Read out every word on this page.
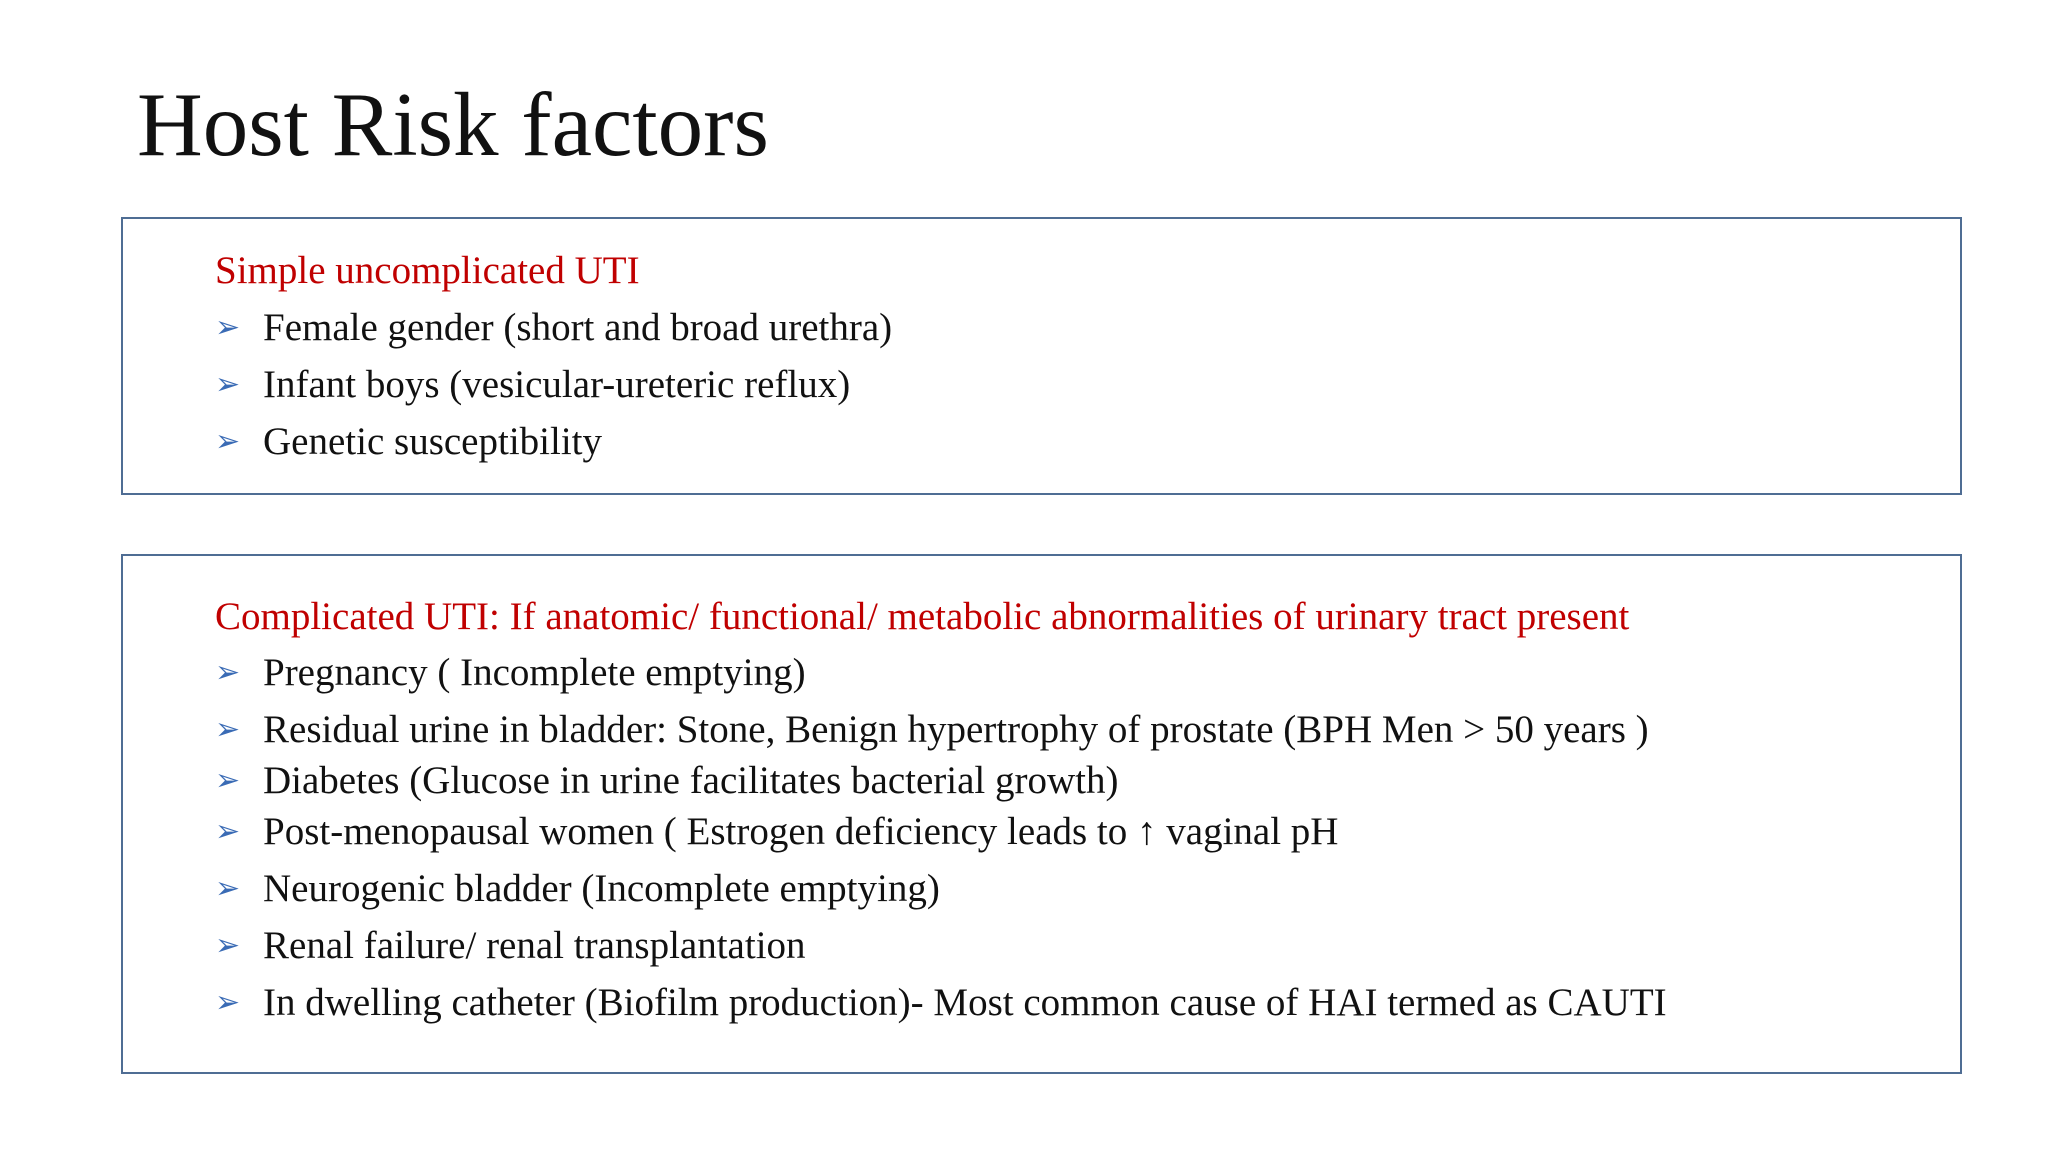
Host Risk factors
Simple uncomplicated UTI
➢ Female gender (short and broad urethra)
➢ Infant boys (vesicular-ureteric reflux)
➢ Genetic susceptibility
Complicated UTI: If anatomic/ functional/ metabolic abnormalities of urinary tract present
➢ Pregnancy ( Incomplete emptying)
➢ Residual urine in bladder: Stone, Benign hypertrophy of prostate (BPH Men > 50 years )
➢ Diabetes (Glucose in urine facilitates bacterial growth)
➢ Post-menopausal women ( Estrogen deficiency leads to ↑ vaginal pH
➢ Neurogenic bladder (Incomplete emptying)
➢ Renal failure/ renal transplantation
➢ In dwelling catheter (Biofilm production)- Most common cause of HAI termed as CAUTI
